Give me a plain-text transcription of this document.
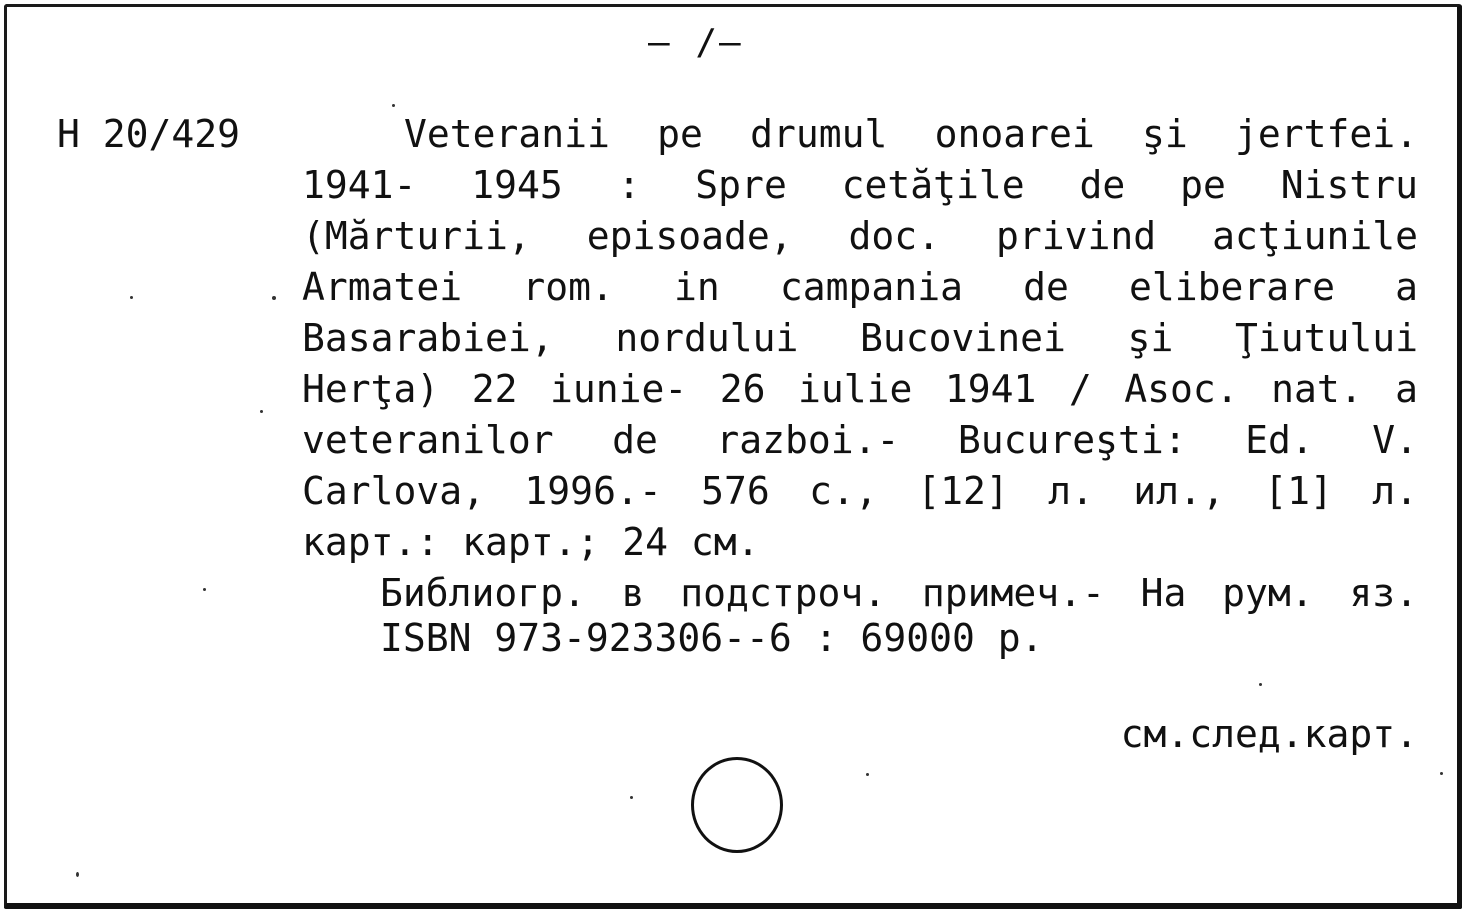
— /—
H 20/429	Veteranii pe drumul onoarei şi jertfei.
1941- 1945 : Spre cetăţile de pe Nistru
(Mărturii, episoade, doc. privind acţiunile
Armatei rom. in campania de eliberare a
Basarabiei, nordului Bucovinei şi Ţiutului
Herţa) 22 iunie- 26 iulie 1941 / Asoc. nat. a
veteranilor de razboi.- Bucureşti: Ed. V.
Carlova, 1996.- 576 c., [12] л. ил., [1] л.
карт.: карт.; 24 см.
Библиогр. в подстроч. примеч.- На рум. яз.
ISBN 973-923306--6 : 69000 р.
см.след.карт.
